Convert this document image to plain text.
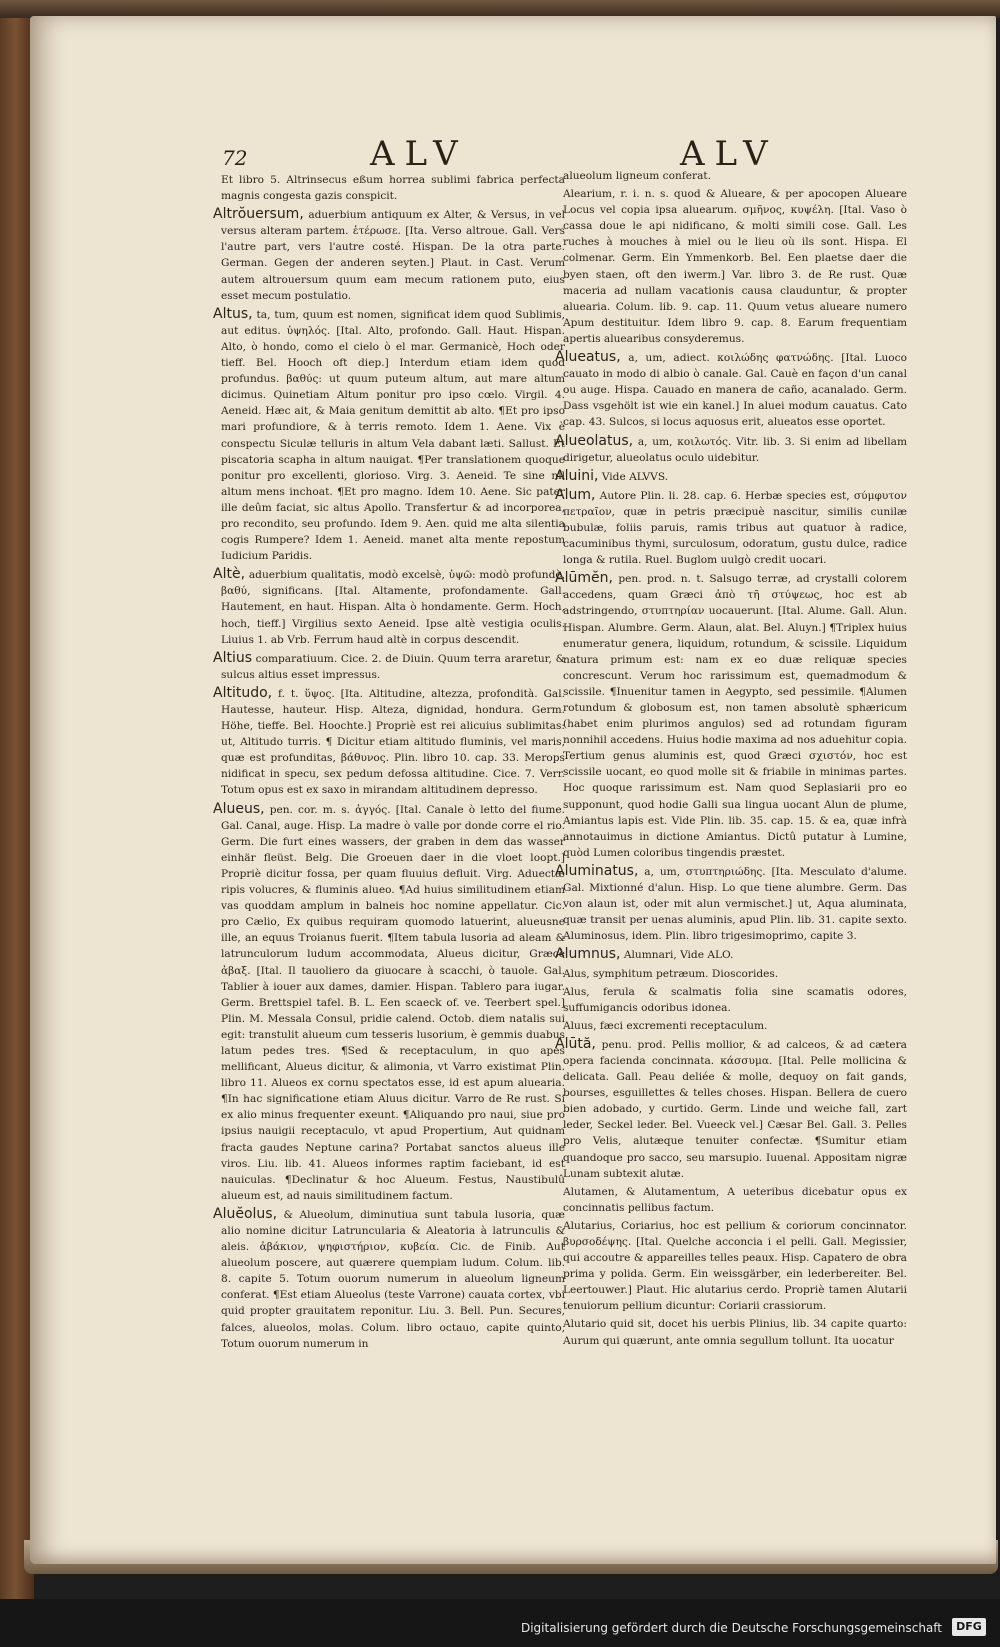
72	ALV	ALV

Et libro 5. Altrinsecus eßum horrea sublimi fabrica perfecta magnis congesta gazis conspicit.

Altrŏuersum, aduerbium antiquum ex Alter, & Versus, in vel versus alteram partem. ἑτέρωσε. [Ita. Verso altroue. Gall. Vers l'autre part, vers l'autre costé. Hispan. De la otra parte. German. Gegen der anderen seyten.] Plaut. in Cast. Verum autem altrouersum quum eam mecum rationem puto, eius esset mecum postulatio.

Altus, ta, tum, quum est nomen, significat idem quod Sublimis, aut editus. ὑψηλός. [Ital. Alto, profondo. Gall. Haut. Hispan. Alto, ò hondo, como el cielo ò el mar. Germanicè, Hoch oder tieff. Bel. Hooch oft diep.] Interdum etiam idem quod profundus. βαθύς: ut quum puteum altum, aut mare altum dicimus. Quinetiam Altum ponitur pro ipso cœlo. Virgil. 4. Aeneid. Hæc ait, & Maia genitum demittit ab alto. ¶Et pro ipso mari profundiore, & à terris remoto. Idem 1. Aene. Vix è conspectu Siculæ telluris in altum Vela dabant læti. Sallust. Et piscatoria scapha in altum nauigat. ¶Per translationem quoque ponitur pro excellenti, glorioso. Virg. 3. Aeneid. Te sine nil altum mens inchoat. ¶Et pro magno. Idem 10. Aene. Sic pater ille deûm faciat, sic altus Apollo. Transfertur & ad incorporea, pro recondito, seu profundo. Idem 9. Aen. quid me alta silentia cogis Rumpere? Idem 1. Aeneid. manet alta mente repostum Iudicium Paridis.

Altè, aduerbium qualitatis, modò excelsè, ὑψῶ: modò profundè, βαθύ, significans. [Ital. Altamente, profondamente. Gall. Hautement, en haut. Hispan. Alta ò hondamente. Germ. Hoch, hoch, tieff.] Virgilius sexto Aeneid. Ipse altè vestigia oculis. Liuius 1. ab Vrb. Ferrum haud altè in corpus descendit.

Altius comparatiuum. Cice. 2. de Diuin. Quum terra araretur, & sulcus altius esset impressus.

Altitudo, f. t. ὕψος. [Ita. Altitudine, altezza, profondità. Gal. Hautesse, hauteur. Hisp. Alteza, dignidad, hondura. Germ. Höhe, tieffe. Bel. Hoochte.] Propriè est rei alicuius sublimitas: ut, Altitudo turris. ¶ Dicitur etiam altitudo fluminis, vel maris, quæ est profunditas, βάθυνος. Plin. libro 10. cap. 33. Merops nidificat in specu, sex pedum defossa altitudine. Cice. 7. Verr. Totum opus est ex saxo in mirandam altitudinem depresso.

Alueus, pen. cor. m. s. ἀγγός. [Ital. Canale ò letto del fiume. Gal. Canal, auge. Hisp. La madre ò valle por donde corre el rio. Germ. Die furt eines wassers, der graben in dem das wasser einhär fleüst. Belg. Die Groeuen daer in die vloet loopt.] Propriè dicitur fossa, per quam fluuius defluit. Virg. Aduectæ ripis volucres, & fluminis alueo. ¶Ad huius similitudinem etiam vas quoddam amplum in balneis hoc nomine appellatur. Cic. pro Cælio, Ex quibus requiram quomodo latuerint, alueusne ille, an equus Troianus fuerit. ¶Item tabula lusoria ad aleam & latrunculorum ludum accommodata, Alueus dicitur, Græcè ἀβαξ. [Ital. Il tauoliero da giuocare à scacchi, ò tauole. Gal. Tablier à iouer aux dames, damier. Hispan. Tablero para iugar. Germ. Brettspiel tafel. B. L. Een scaeck of. ve. Teerbert spel.] Plin. M. Messala Consul, pridie calend. Octob. diem natalis sui egit: transtulit alueum cum tesseris lusorium, è gemmis duabus latum pedes tres. ¶Sed & receptaculum, in quo apes mellificant, Alueus dicitur, & alimonia, vt Varro existimat Plin. libro 11. Alueos ex cornu spectatos esse, id est apum aluearia. ¶In hac significatione etiam Aluus dicitur. Varro de Re rust. Si ex alio minus frequenter exeunt. ¶Aliquando pro naui, siue pro ipsius nauigii receptaculo, vt apud Propertium, Aut quidnam fracta gaudes Neptune carina? Portabat sanctos alueus ille viros. Liu. lib. 41. Alueos informes raptim faciebant, id est nauiculas. ¶Declinatur & hoc Alueum. Festus, Naustibulû alueum est, ad nauis similitudinem factum.

Aluĕolus, & Alueolum, diminutiua sunt tabula lusoria, quæ alio nomine dicitur Latruncularia & Aleatoria à latrunculis & aleis. ἀβάκιον, ψηφιστήριον, κυβεία. Cic. de Finib. Aut alueolum poscere, aut quærere quempiam ludum. Colum. lib. 8. capite 5. Totum ouorum numerum in alueolum ligneum conferat. ¶Est etiam Alueolus (teste Varrone) cauata cortex, vbi quid propter grauitatem reponitur. Liu. 3. Bell. Pun. Secures, falces, alueolos, molas. Colum. libro octauo, capite quinto, Totum ouorum numerum in

alueolum ligneum conferat.

Alearium, r. i. n. s. quod & Alueare, & per apocopen Alueare Locus vel copia ipsa aluearum. σμῆνος, κυψέλη. [Ital. Vaso ò cassa doue le api nidificano, & molti simili cose. Gall. Les ruches à mouches à miel ou le lieu où ils sont. Hispa. El colmenar. Germ. Ein Ymmenkorb. Bel. Een plaetse daer die byen staen, oft den iwerm.] Var. libro 3. de Re rust. Quæ maceria ad nullam vacationis causa clauduntur, & propter aluearia. Colum. lib. 9. cap. 11. Quum vetus alueare numero Apum destituitur. Idem libro 9. cap. 8. Earum frequentiam apertis aluearibus consyderemus.

Alueatus, a, um, adiect. κοιλώδης φατνώδης. [Ital. Luoco cauato in modo di albio ò canale. Gal. Cauè en façon d'un canal ou auge. Hispa. Cauado en manera de caño, acanalado. Germ. Dass vsgehölt ist wie ein kanel.] In aluei modum cauatus. Cato cap. 43. Sulcos, si locus aquosus erit, alueatos esse oportet.

Alueolatus, a, um, κοιλωτός. Vitr. lib. 3. Si enim ad libellam dirigetur, alueolatus oculo uidebitur.

Aluini, Vide ALVVS.

Alum, Autore Plin. li. 28. cap. 6. Herbæ species est, σύμφυτον πετραῖον, quæ in petris præcipuè nascitur, similis cunilæ bubulæ, foliis paruis, ramis tribus aut quatuor à radice, cacuminibus thymi, surculosum, odoratum, gustu dulce, radice longa & rutila. Ruel. Buglom uulgò credit uocari.

Alūmĕn, pen. prod. n. t. Salsugo terræ, ad crystalli colorem accedens, quam Græci ἀπὸ τῆ στύψεως, hoc est ab adstringendo, στυπτηρίαν uocauerunt. [Ital. Alume. Gall. Alun. Hispan. Alumbre. Germ. Alaun, alat. Bel. Aluyn.] ¶Triplex huius enumeratur genera, liquidum, rotundum, & scissile. Liquidum natura primum est: nam ex eo duæ reliquæ species concrescunt. Verum hoc rarissimum est, quemadmodum & scissile. ¶Inuenitur tamen in Aegypto, sed pessimile. ¶Alumen rotundum & globosum est, non tamen absolutè sphæricum (habet enim plurimos angulos) sed ad rotundam figuram nonnihil accedens. Huius hodie maxima ad nos aduehitur copia. Tertium genus aluminis est, quod Græci σχιστόν, hoc est scissile uocant, eo quod molle sit & friabile in minimas partes. Hoc quoque rarissimum est. Nam quod Seplasiarii pro eo supponunt, quod hodie Galli sua lingua uocant Alun de plume, Amiantus lapis est. Vide Plin. lib. 35. cap. 15. & ea, quæ infrà annotauimus in dictione Amiantus. Dictû putatur à Lumine, quòd Lumen coloribus tingendis præstet.

Aluminatus, a, um, στυπτηριώδης. [Ita. Mesculato d'alume. Gal. Mixtionné d'alun. Hisp. Lo que tiene alumbre. Germ. Das von alaun ist, oder mit alun vermischet.] ut, Aqua aluminata, quæ transit per uenas aluminis, apud Plin. lib. 31. capite sexto. Aluminosus, idem. Plin. libro trigesimoprimo, capite 3.

Alumnus, Alumnari, Vide ALO.

Alus, symphitum petræum. Dioscorides.

Alus, ferula & scalmatis folia sine scamatis odores, suffumigancis odoribus idonea.

Aluus, fæci excrementi receptaculum.

Alūtă, penu. prod. Pellis mollior, & ad calceos, & ad cætera opera facienda concinnata. κάσσυμα. [Ital. Pelle mollicina & delicata. Gall. Peau deliée & molle, dequoy on fait gands, bourses, esguillettes & telles choses. Hispan. Bellera de cuero bien adobado, y curtido. Germ. Linde und weiche fall, zart leder, Seckel leder. Bel. Vueeck vel.] Cæsar Bel. Gall. 3. Pelles pro Velis, alutæque tenuiter confectæ. ¶Sumitur etiam quandoque pro sacco, seu marsupio. Iuuenal. Appositam nigræ Lunam subtexit alutæ.

Alutamen, & Alutamentum, A ueteribus dicebatur opus ex concinnatis pellibus factum.

Alutarius, Coriarius, hoc est pellium & coriorum concinnator. βυρσοδέψης. [Ital. Quelche acconcia i el pelli. Gall. Megissier, qui accoutre & appareilles telles peaux. Hisp. Capatero de obra prima y polida. Germ. Ein weissgärber, ein lederbereiter. Bel. Leertouwer.] Plaut. Hic alutarius cerdo. Propriè tamen Alutarii tenuiorum pellium dicuntur: Coriarii crassiorum.

Alutario quid sit, docet his uerbis Plinius, lib. 34 capite quarto: Aurum qui quærunt, ante omnia segullum tollunt. Ita uocatur

Digitalisierung gefördert durch die Deutsche Forschungsgemeinschaft	DFG
